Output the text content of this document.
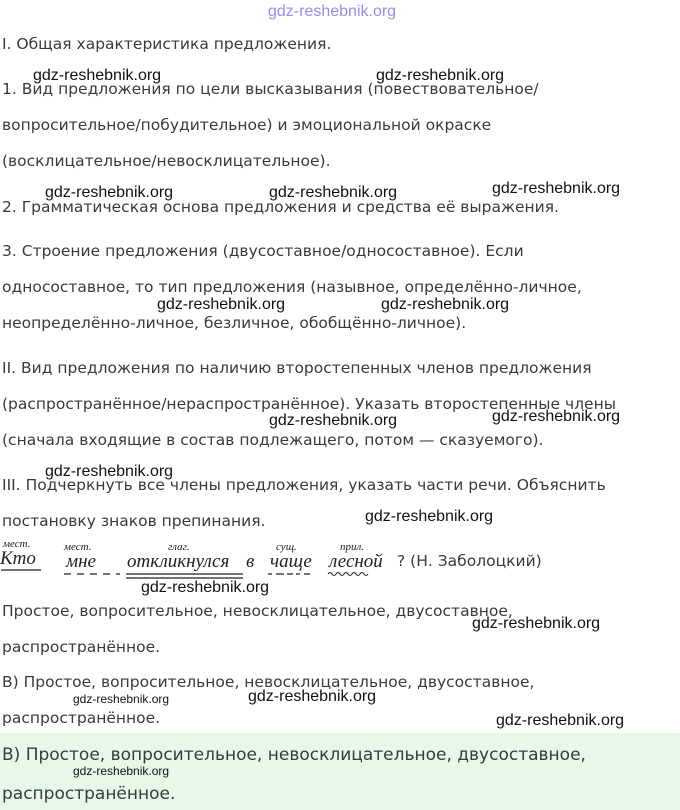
gdz-reshebnik.org
I. Общая характеристика предложения.
1. Вид предложения по цели высказывания (повествовательное/
вопросительное/побудительное) и эмоциональной окраске
(восклицательное/невосклицательное).
2. Грамматическая основа предложения и средства её выражения.
3. Строение предложения (двусоставное/односоставное). Если
односоставное, то тип предложения (назывное, определённо-личное,
неопределённо-личное, безличное, обобщённо-личное).
II. Вид предложения по наличию второстепенных членов предложения
(распространённое/нераспространённое). Указать второстепенные члены
(сначала входящие в состав подлежащего, потом — сказуемого).
III. Подчеркнуть все члены предложения, указать части речи. Объяснить
постановку знаков препинания.
мест.	мест.	глаг.	сущ.	прил.
Кто мне откликнулся в чаще лесной ? (Н. Заболоцкий)
Простое, вопросительное, невосклицательное, двусоставное,
распространённое.
В) Простое, вопросительное, невосклицательное, двусоставное,
распространённое.
В) Простое, вопросительное, невосклицательное, двусоставное,
распространённое.
gdz-reshebnik.org	gdz-reshebnik.org
gdz-reshebnik.org	gdz-reshebnik.org	gdz-reshebnik.org
gdz-reshebnik.org	gdz-reshebnik.org
gdz-reshebnik.org	gdz-reshebnik.org
gdz-reshebnik.org
gdz-reshebnik.org
gdz-reshebnik.org
gdz-reshebnik.org
gdz-reshebnik.org	gdz-reshebnik.org
gdz-reshebnik.org
gdz-reshebnik.org
